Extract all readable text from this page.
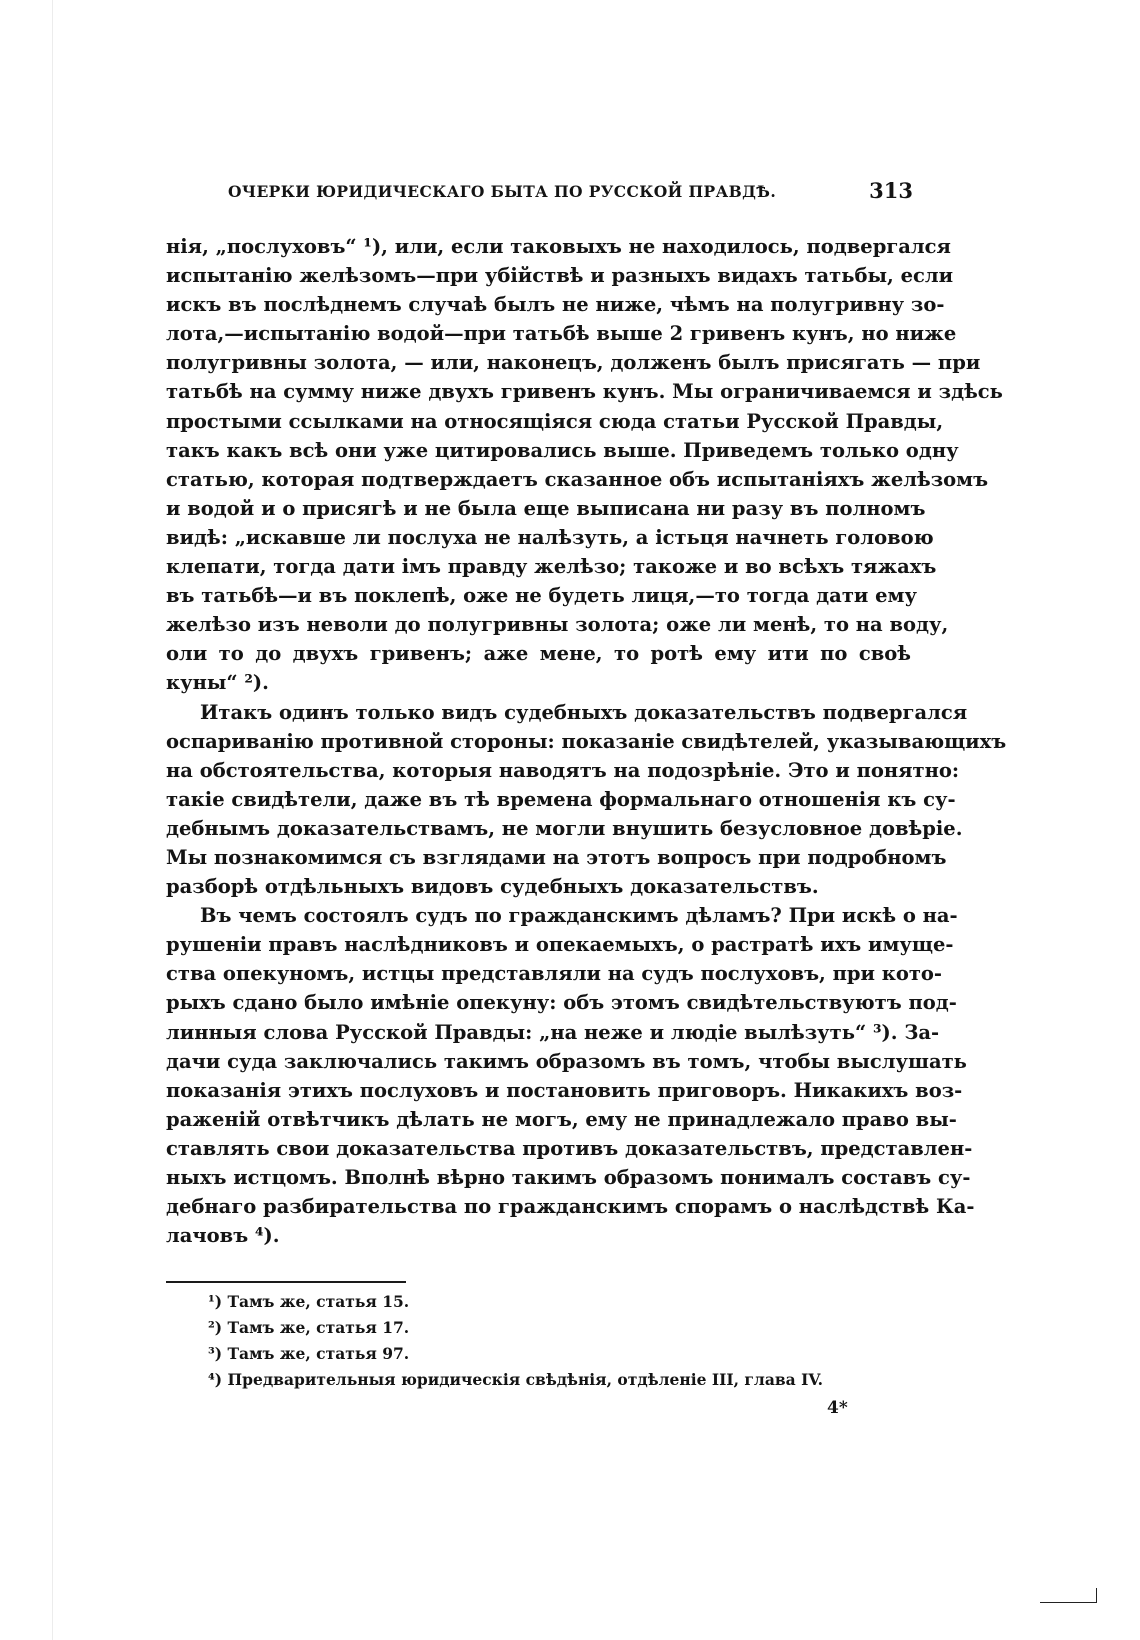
ОЧЕРКИ ЮРИДИЧЕСКАГО БЫТА ПО РУССКОЙ ПРАВДѢ.	313
нія, „послуховъ“ ¹), или, если таковыхъ не находилось, подвергался
испытанію желѣзомъ—при убійствѣ и разныхъ видахъ татьбы, если
искъ въ послѣднемъ случаѣ былъ не ниже, чѣмъ на полугривну зо-
лота,—испытанію водой—при татьбѣ выше 2 гривенъ кунъ, но ниже
полугривны золота, — или, наконецъ, долженъ былъ присягать — при
татьбѣ на сумму ниже двухъ гривенъ кунъ. Мы ограничиваемся и здѣсь
простыми ссылками на относящіяся сюда статьи Русской Правды,
такъ какъ всѣ они уже цитировались выше. Приведемъ только одну
статью, которая подтверждаетъ сказанное объ испытаніяхъ желѣзомъ
и водой и о присягѣ и не была еще выписана ни разу въ полномъ
видѣ: „искавше ли послуха не налѣзуть, а істьця начнеть головою
клепати, тогда дати імъ правду желѣзо; такоже и во всѣхъ тяжахъ
въ татьбѣ—и въ поклепѣ, оже не будеть лиця,—то тогда дати ему
желѣзо изъ неволи до полугривны золота; оже ли менѣ, то на воду,
оли то до двухъ гривенъ; аже мене, то ротѣ ему ити по своѣ
куны“ ²).
Итакъ одинъ только видъ судебныхъ доказательствъ подвергался
оспариванію противной стороны: показаніе свидѣтелей, указывающихъ
на обстоятельства, которыя наводятъ на подозрѣніе. Это и понятно:
такіе свидѣтели, даже въ тѣ времена формальнаго отношенія къ су-
дебнымъ доказательствамъ, не могли внушить безусловное довѣріе.
Мы познакомимся съ взглядами на этотъ вопросъ при подробномъ
разборѣ отдѣльныхъ видовъ судебныхъ доказательствъ.
Въ чемъ состоялъ судъ по гражданскимъ дѣламъ? При искѣ о на-
рушеніи правъ наслѣдниковъ и опекаемыхъ, о растратѣ ихъ имуще-
ства опекуномъ, истцы представляли на судъ послуховъ, при кото-
рыхъ сдано было имѣніе опекуну: объ этомъ свидѣтельствуютъ под-
линныя слова Русской Правды: „на неже и людіе вылѣзуть“ ³). За-
дачи суда заключались такимъ образомъ въ томъ, чтобы выслушать
показанія этихъ послуховъ и постановить приговоръ. Никакихъ воз-
раженій отвѣтчикъ дѣлать не могъ, ему не принадлежало право вы-
ставлять свои доказательства противъ доказательствъ, представлен-
ныхъ истцомъ. Вполнѣ вѣрно такимъ образомъ понималъ составъ су-
дебнаго разбирательства по гражданскимъ спорамъ о наслѣдствѣ Ка-
лачовъ ⁴).
¹) Тамъ же, статья 15.
²) Тамъ же, статья 17.
³) Тамъ же, статья 97.
⁴) Предварительныя юридическія свѣдѣнія, отдѣленіе III, глава IV.
4*
